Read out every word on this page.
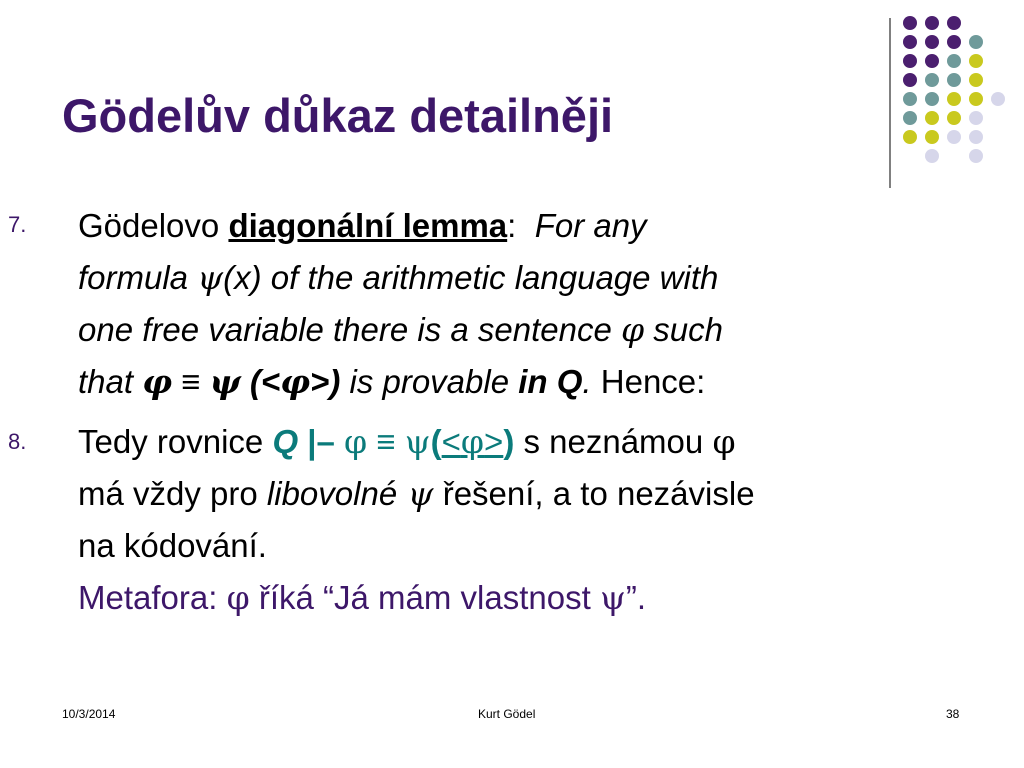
Gödelův důkaz detailněji
7. Gödelovo diagonální lemma: For any
formula ψ(x) of the arithmetic language with
one free variable there is a sentence φ such
that φ ≡ ψ (<φ>) is provable in Q. Hence:
8. Tedy rovnice Q |– φ ≡ ψ(<φ>) s neznámou φ
má vždy pro libovolné ψ řešení, a to nezávisle
na kódování.
Metafora: φ říká “Já mám vlastnost ψ”.
10/3/2014	Kurt Gödel	38
